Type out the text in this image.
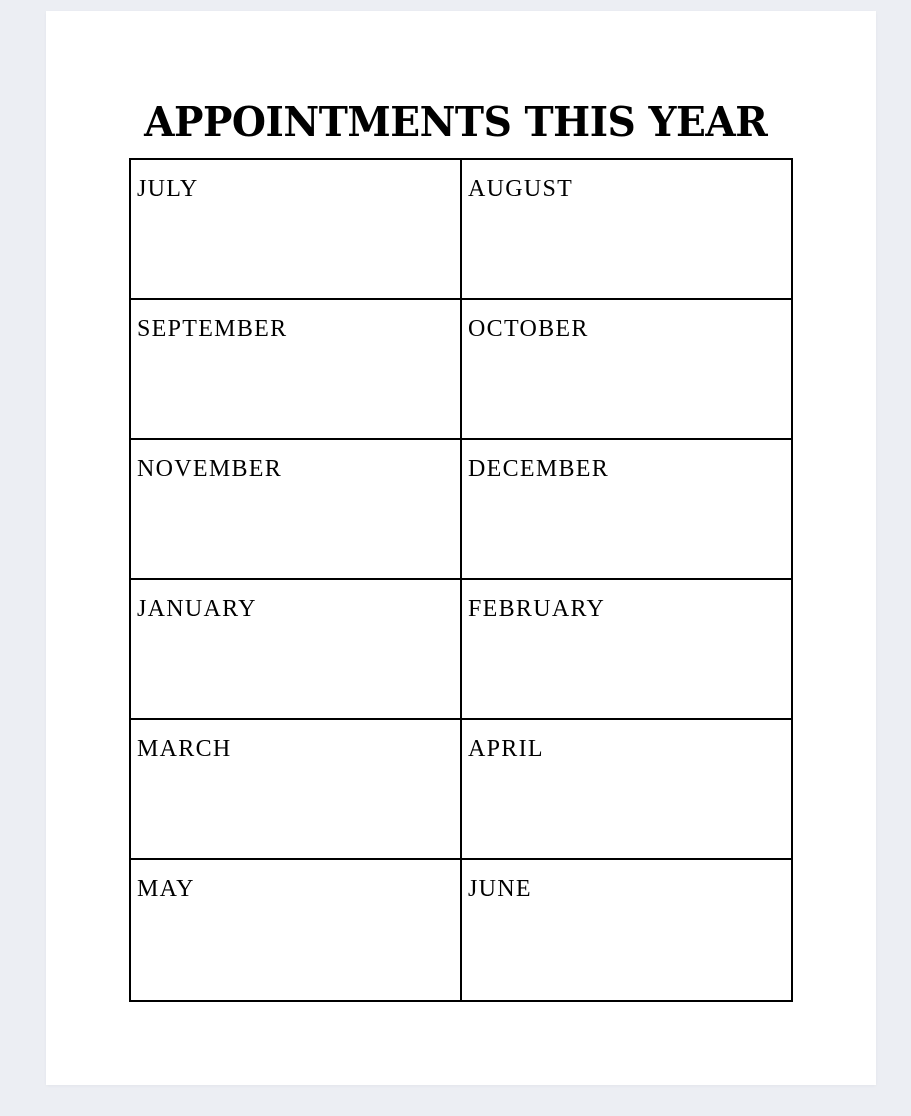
APPOINTMENTS THIS YEAR
JULY	AUGUST
SEPTEMBER	OCTOBER
NOVEMBER	DECEMBER
JANUARY	FEBRUARY
MARCH	APRIL
MAY	JUNE
